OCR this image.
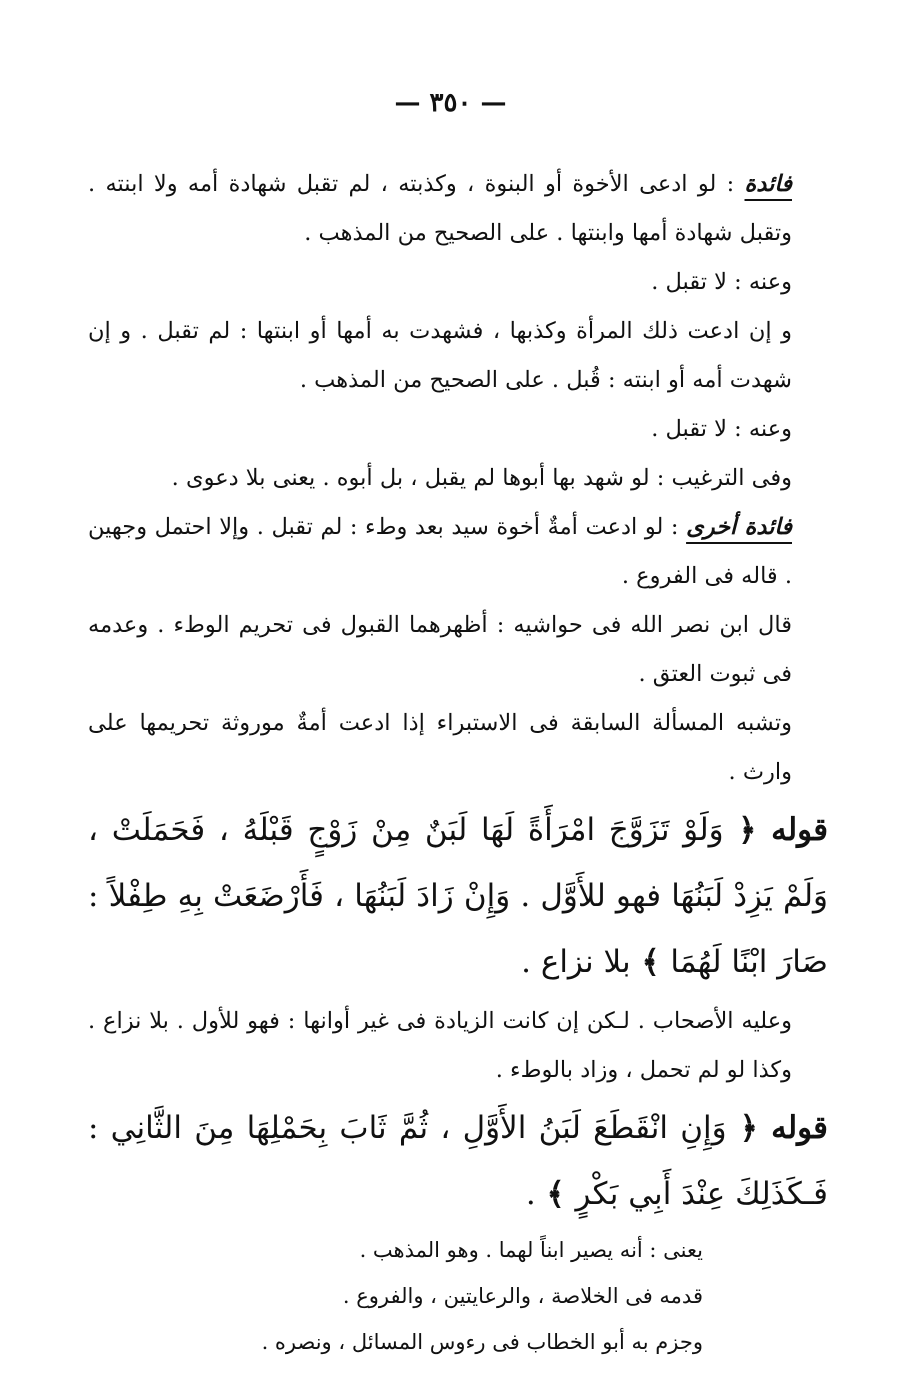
— ٣٥٠ —

فائدة : لو ادعى الأخوة أو البنوة ، وكذبته ، لم تقبل شهادة أمه ولا ابنته . وتقبل شهادة أمها وابنتها . على الصحيح من المذهب .

وعنه : لا تقبل .

و إن ادعت ذلك المرأة وكذبها ، فشهدت به أمها أو ابنتها : لم تقبل . و إن شهدت أمه أو ابنته : قُبل . على الصحيح من المذهب .

وعنه : لا تقبل .

وفى الترغيب : لو شهد بها أبوها لم يقبل ، بل أبوه . يعنى بلا دعوى .

فائدة أخرى : لو ادعت أمةٌ أخوة سيد بعد وطء : لم تقبل . وإلا احتمل وجهين . قاله فى الفروع .

قال ابن نصر الله فى حواشيه : أظهرهما القبول فى تحريم الوطء . وعدمه فى ثبوت العتق .

وتشبه المسألة السابقة فى الاستبراء إذا ادعت أمةٌ موروثة تحريمها على وارث .

قوله ﴿ وَلَوْ تَزَوَّجَ امْرَأَةً لَهَا لَبَنٌ مِنْ زَوْجٍ قَبْلَهُ ، فَحَمَلَتْ ، وَلَمْ يَزِدْ لَبَنُهَا فهو للأَوَّل . وَإِنْ زَادَ لَبَنُهَا ، فَأَرْضَعَتْ بِهِ طِفْلاً : صَارَ ابْنًا لَهُمَا ﴾ بلا نزاع .

وعليه الأصحاب . لـكن إن كانت الزيادة فى غير أوانها : فهو للأول . بلا نزاع . وكذا لو لم تحمل ، وزاد بالوطء .

قوله ﴿ وَإِنِ انْقَطَعَ لَبَنُ الأَوَّلِ ، ثُمَّ ثَابَ بِحَمْلِهَا مِنَ الثَّانِي : فَـكَذَلِكَ عِنْدَ أَبِي بَكْرٍ ﴾ .

يعنى : أنه يصير ابناً لهما . وهو المذهب .

قدمه فى الخلاصة ، والرعايتين ، والفروع .

وجزم به أبو الخطاب فى رءوس المسائل ، ونصره .
